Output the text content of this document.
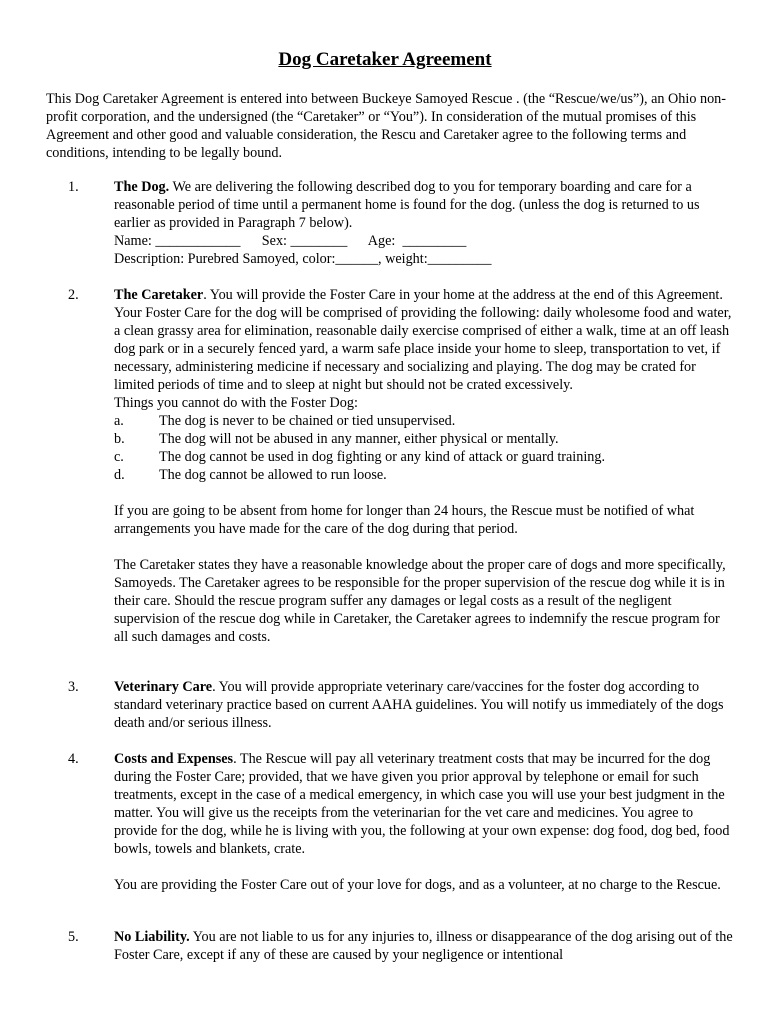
Dog Caretaker Agreement

This Dog Caretaker Agreement is entered into between Buckeye Samoyed Rescue . (the “Rescue/we/us”), an Ohio non-profit corporation, and the undersigned (the “Caretaker” or “You”). In consideration of the mutual promises of this Agreement and other good and valuable consideration, the Rescu and Caretaker agree to the following terms and conditions, intending to be legally bound.

1. The Dog. We are delivering the following described dog to you for temporary boarding and care for a reasonable period of time until a permanent home is found for the dog. (unless the dog is returned to us earlier as provided in Paragraph 7 below).

Name: ____________      Sex: ________      Age:  _________

Description: Purebred Samoyed, color:______, weight:_________

2. The Caretaker. You will provide the Foster Care in your home at the address at the end of this Agreement. Your Foster Care for the dog will be comprised of providing the following: daily wholesome food and water, a clean grassy area for elimination, reasonable daily exercise comprised of either a walk, time at an off leash dog park or in a securely fenced yard, a warm safe place inside your home to sleep, transportation to vet, if necessary, administering medicine if necessary and socializing and playing. The dog may be crated for limited periods of time and to sleep at night but should not be crated excessively.

Things you cannot do with the Foster Dog:

a.	The dog is never to be chained or tied unsupervised.
b.	The dog will not be abused in any manner, either physical or mentally.
c.	The dog cannot be used in dog fighting or any kind of attack or guard training.
d.	The dog cannot be allowed to run loose.

If you are going to be absent from home for longer than 24 hours, the Rescue must be notified of what arrangements you have made for the care of the dog during that period.

The Caretaker states they have a reasonable knowledge about the proper care of dogs and more specifically, Samoyeds. The Caretaker agrees to be responsible for the proper supervision of the rescue dog while it is in their care. Should the rescue program suffer any damages or legal costs as a result of the negligent supervision of the rescue dog while in Caretaker, the Caretaker agrees to indemnify the rescue program for all such damages and costs.

3. Veterinary Care. You will provide appropriate veterinary care/vaccines for the foster dog according to standard veterinary practice based on current AAHA guidelines. You will notify us immediately of the dogs death and/or serious illness.

4. Costs and Expenses. The Rescue will pay all veterinary treatment costs that may be incurred for the dog during the Foster Care; provided, that we have given you prior approval by telephone or email for such treatments, except in the case of a medical emergency, in which case you will use your best judgment in the matter. You will give us the receipts from the veterinarian for the vet care and medicines. You agree to provide for the dog, while he is living with you, the following at your own expense: dog food, dog bed, food bowls, towels and blankets, crate.

You are providing the Foster Care out of your love for dogs, and as a volunteer, at no charge to the Rescue.

5. No Liability. You are not liable to us for any injuries to, illness or disappearance of the dog arising out of the Foster Care, except if any of these are caused by your negligence or intentional
